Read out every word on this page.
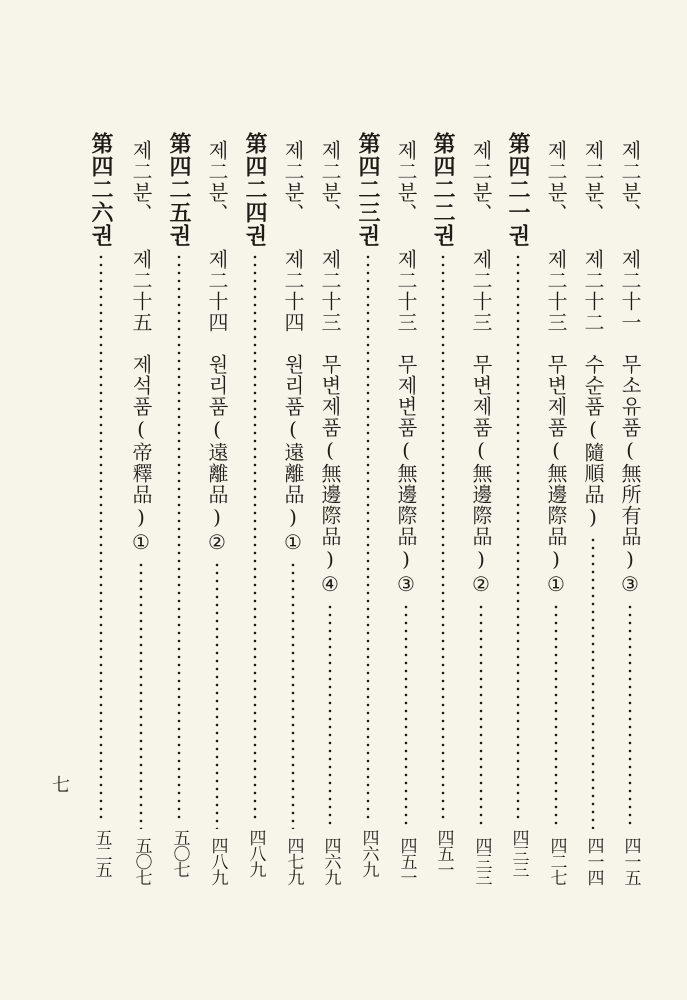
제二분、 제二十一　무소유품(無所有品)③
四一五
제二분、 제二十二　수순품(隨順品)
四一四
제二분、 제二十三　무변제품(無邊際品)①
四二七
第四二一권
四三三
제二분、 제二十三　무변제품(無邊際品)②
四三三
第四二二권
四五一
제二분、 제二十三　무제변품(無邊際品)③
四五一
第四二三권
四六九
제二분、 제二十三　무변제품(無邊際品)④
四六九
제二분、 제二十四　원리품(遠離品)①
四七九
第四二四권
四八九
제二분、 제二十四　원리품(遠離品)②
四八九
第四二五권
五〇七
제二분、 제二十五　제석품(帝釋品)①
五〇七
第四二六권
五二五
七
